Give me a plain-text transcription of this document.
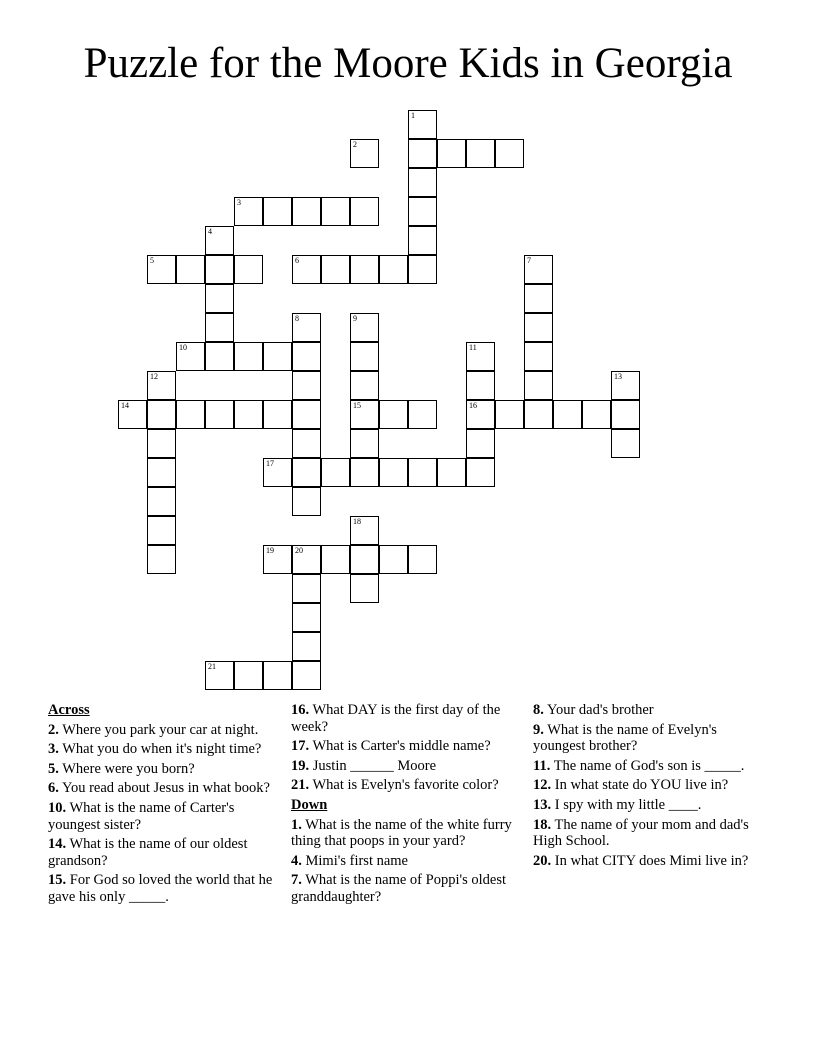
Puzzle for the Moore Kids in Georgia
1
2
3
4
5	6	7
8	9
10	11
12	13
14	15	16
17
18
19	20
21
Across
2. Where you park your car at night.
3. What you do when it's night time?
5. Where were you born?
6. You read about Jesus in what book?
10. What is the name of Carter's youngest sister?
14. What is the name of our oldest grandson?
15. For God so loved the world that he gave his only _____.
16. What DAY is the first day of the week?
17. What is Carter's middle name?
19. Justin ______ Moore
21. What is Evelyn's favorite color?
Down
1. What is the name of the white furry thing that poops in your yard?
4. Mimi's first name
7. What is the name of Poppi's oldest granddaughter?
8. Your dad's brother
9. What is the name of Evelyn's youngest brother?
11. The name of God's son is _____.
12. In what state do YOU live in?
13. I spy with my little ____.
18. The name of your mom and dad's High School.
20. In what CITY does Mimi live in?
